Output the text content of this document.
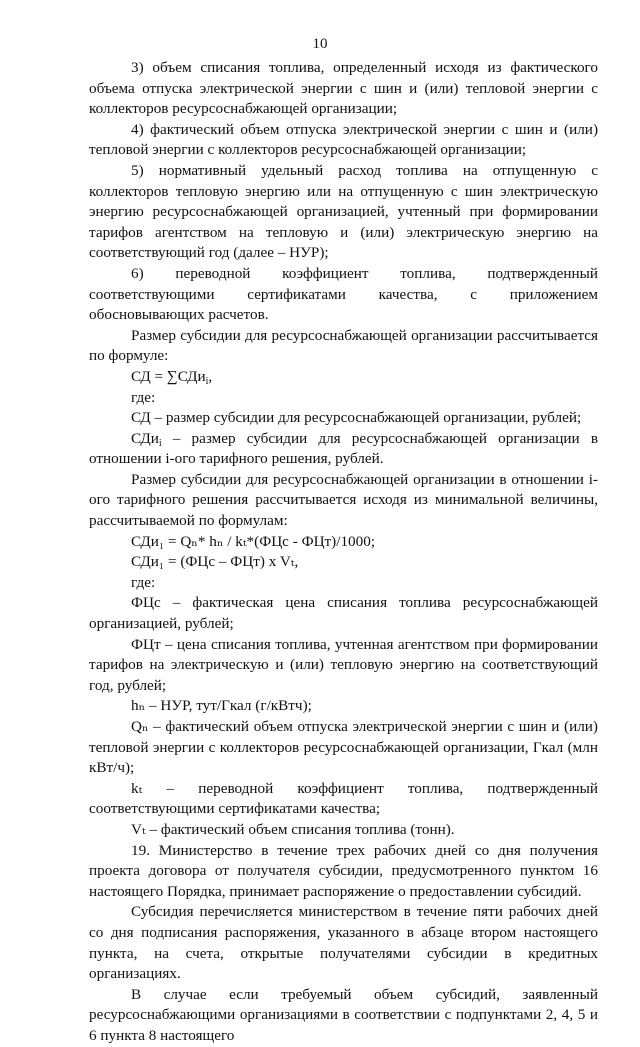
10

3) объем списания топлива, определенный исходя из фактического объема отпуска электрической энергии с шин и (или) тепловой энергии с коллекторов ресурсоснабжающей организации;

4) фактический объем отпуска электрической энергии с шин и (или) тепловой энергии с коллекторов ресурсоснабжающей организации;

5) нормативный удельный расход топлива на отпущенную с коллекторов тепловую энергию или на отпущенную с шин электрическую энергию ресурсоснабжающей организацией, учтенный при формировании тарифов агентством на тепловую и (или) электрическую энергию на соответствующий год (далее – НУР);

6) переводной коэффициент топлива, подтвержденный соответствующими сертификатами качества, с приложением обосновывающих расчетов.

Размер субсидии для ресурсоснабжающей организации рассчитывается по формуле:

СД = ∑СДи$_i$,

где:

СД – размер субсидии для ресурсоснабжающей организации, рублей;

СДи$_i$ – размер субсидии для ресурсоснабжающей организации в отношении i-ого тарифного решения, рублей.

Размер субсидии для ресурсоснабжающей организации в отношении i-ого тарифного решения рассчитывается исходя из минимальной величины, рассчитываемой по формулам:

СДи₁ = Qₙ* hₙ / kₜ*(ФЦс - ФЦт)/1000;

СДи₁ = (ФЦс – ФЦт) x Vₜ,

где:

ФЦс – фактическая цена списания топлива ресурсоснабжающей организацией, рублей;

ФЦт – цена списания топлива, учтенная агентством при формировании тарифов на электрическую и (или) тепловую энергию на соответствующий год, рублей;

hₙ – НУР, тут/Гкал (г/кВтч);

Qₙ – фактический объем отпуска электрической энергии с шин и (или) тепловой энергии с коллекторов ресурсоснабжающей организации, Гкал (млн кВт/ч);

kₜ – переводной коэффициент топлива, подтвержденный соответствующими сертификатами качества;

Vₜ – фактический объем списания топлива (тонн).

19. Министерство в течение трех рабочих дней со дня получения проекта договора от получателя субсидии, предусмотренного пунктом 16 настоящего Порядка, принимает распоряжение о предоставлении субсидий.

Субсидия перечисляется министерством в течение пяти рабочих дней со дня подписания распоряжения, указанного в абзаце втором настоящего пункта, на счета, открытые получателями субсидии в кредитных организациях.

В случае если требуемый объем субсидий, заявленный ресурсоснабжающими организациями в соответствии с подпунктами 2, 4, 5 и 6 пункта 8 настоящего
